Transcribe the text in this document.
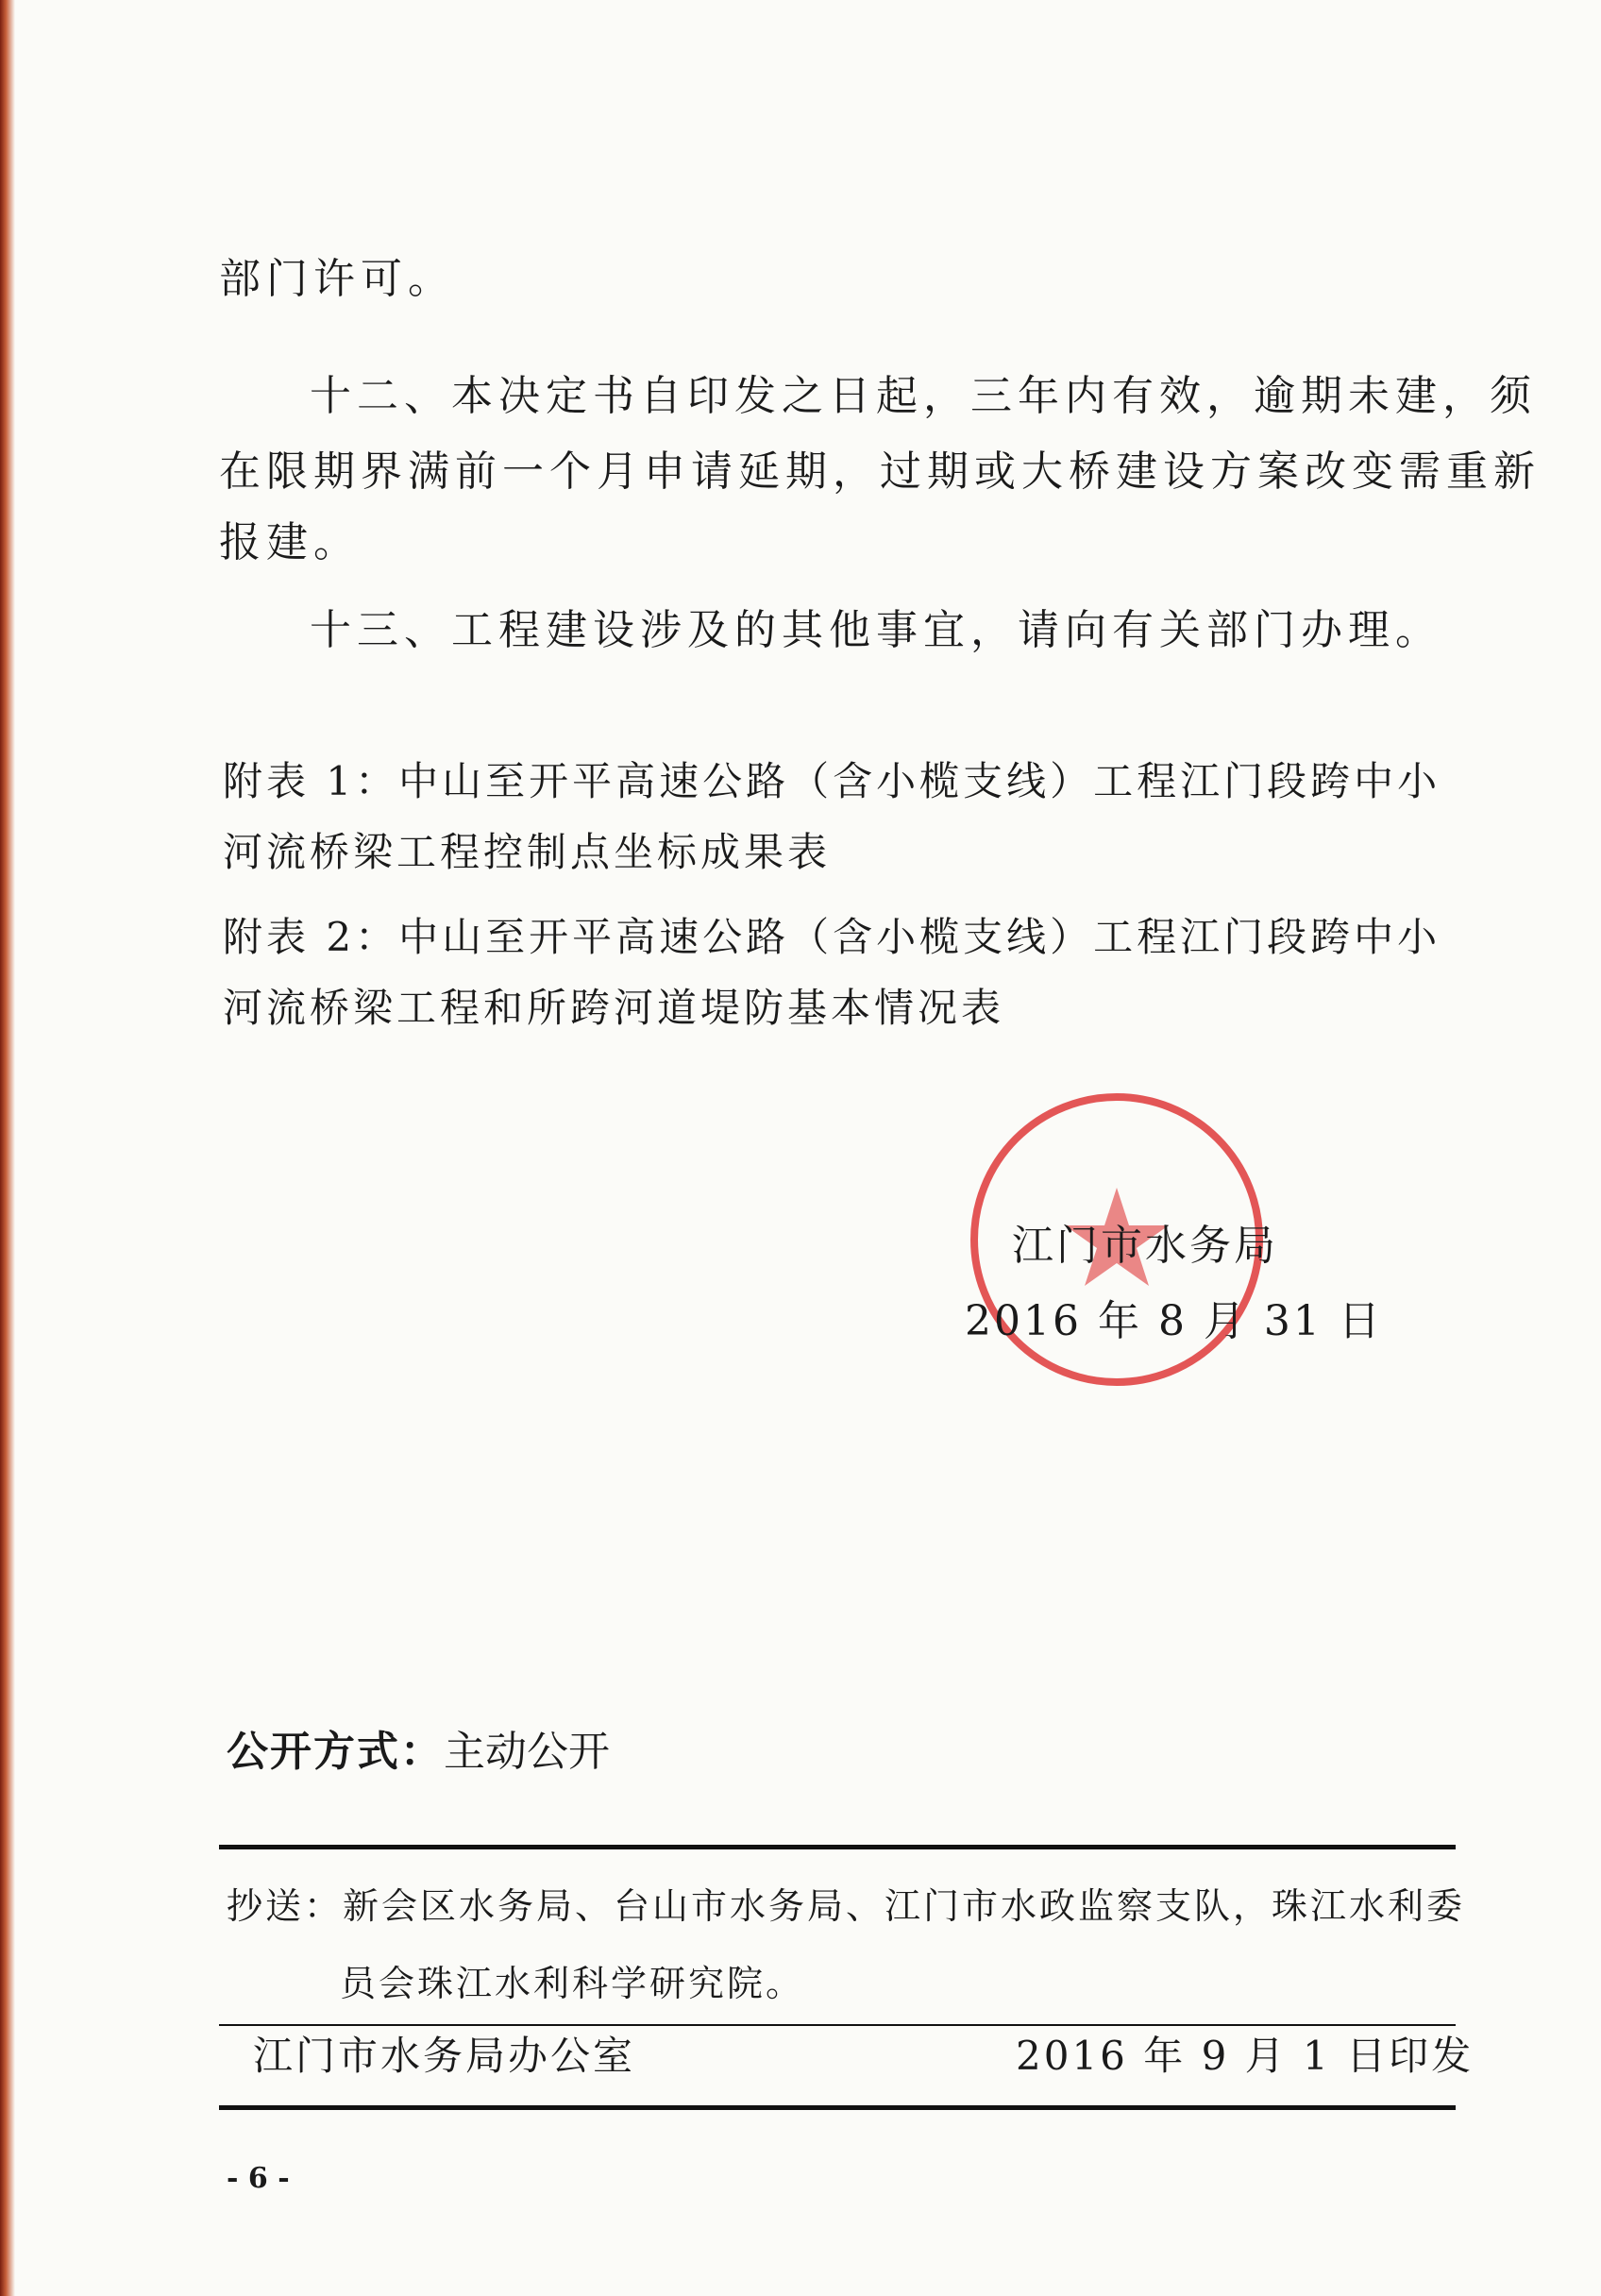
部门许可。
十二、本决定书自印发之日起，三年内有效，逾期未建，须
在限期界满前一个月申请延期，过期或大桥建设方案改变需重新
报建。
十三、工程建设涉及的其他事宜，请向有关部门办理。
附表 1：中山至开平高速公路（含小榄支线）工程江门段跨中小
河流桥梁工程控制点坐标成果表
附表 2：中山至开平高速公路（含小榄支线）工程江门段跨中小
河流桥梁工程和所跨河道堤防基本情况表
江门市水务局
2016 年 8 月 31 日
公开方式：主动公开
抄送：新会区水务局、台山市水务局、江门市水政监察支队，珠江水利委
员会珠江水利科学研究院。
江门市水务局办公室	2016 年 9 月 1 日印发
- 6 -
